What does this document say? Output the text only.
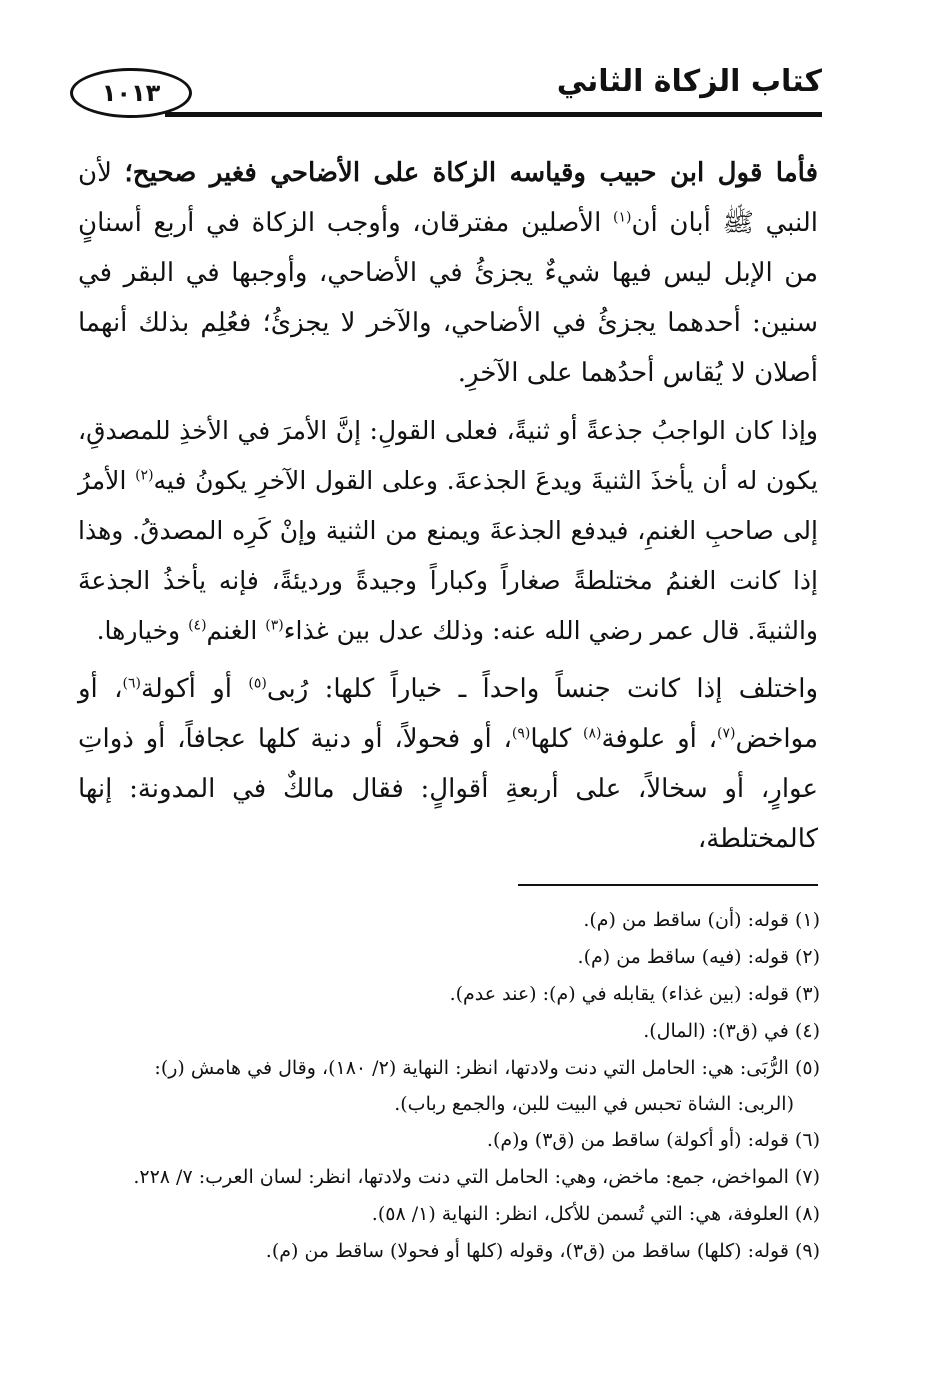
١٠١٣	كتاب الزكاة الثاني

فأما قول ابن حبيب وقياسه الزكاة على الأضاحي فغير صحيح؛ لأن النبي ﷺ أبان أن$^{(١)}$ الأصلين مفترقان، وأوجب الزكاة في أربع أسنانٍ من الإبل ليس فيها شيءٌ يجزئُ في الأضاحي، وأوجبها في البقر في سنين: أحدهما يجزئُ في الأضاحي، والآخر لا يجزئُ؛ فعُلِم بذلك أنهما أصلان لا يُقاس أحدُهما على الآخرِ.

وإذا كان الواجبُ جذعةً أو ثنيةً، فعلى القولِ: إنَّ الأمرَ في الأخذِ للمصدقِ، يكون له أن يأخذَ الثنيةَ ويدعَ الجذعةَ. وعلى القول الآخرِ يكونُ فيه$^{(٢)}$ الأمرُ إلى صاحبِ الغنمِ، فيدفع الجذعةَ ويمنع من الثنية وإنْ كَرِه المصدقُ. وهذا إذا كانت الغنمُ مختلطةً صغاراً وكباراً وجيدةً ورديئةً، فإنه يأخذُ الجذعةَ والثنيةَ. قال عمر رضي الله عنه: وذلك عدل بين غذاء$^{(٣)}$ الغنم$^{(٤)}$ وخيارها.

واختلف إذا كانت جنساً واحداً ـ خياراً كلها: رُبى$^{(٥)}$ أو أكولة$^{(٦)}$، أو مواخض$^{(٧)}$، أو علوفة$^{(٨)}$ كلها$^{(٩)}$، أو فحولاً، أو دنية كلها عجافاً، أو ذواتِ عوارٍ، أو سخالاً، على أربعةِ أقوالٍ: فقال مالكٌ في المدونة: إنها كالمختلطة،

(١) قوله: (أن) ساقط من (م).

(٢) قوله: (فيه) ساقط من (م).

(٣) قوله: (بين غذاء) يقابله في (م): (عند عدم).

(٤) في (ق٣): (المال).

(٥) الرُّبَى: هي: الحامل التي دنت ولادتها، انظر: النهاية (٢/ ١٨٠)، وقال في هامش (ر):

(الربى: الشاة تحبس في البيت للبن، والجمع رباب).

(٦) قوله: (أو أكولة) ساقط من (ق٣) و(م).

(٧) المواخض، جمع: ماخض، وهي: الحامل التي دنت ولادتها، انظر: لسان العرب: ٧/ ٢٢٨.

(٨) العلوفة، هي: التي تُسمن للأكل، انظر: النهاية (١/ ٥٨).

(٩) قوله: (كلها) ساقط من (ق٣)، وقوله (كلها أو فحولا) ساقط من (م).
